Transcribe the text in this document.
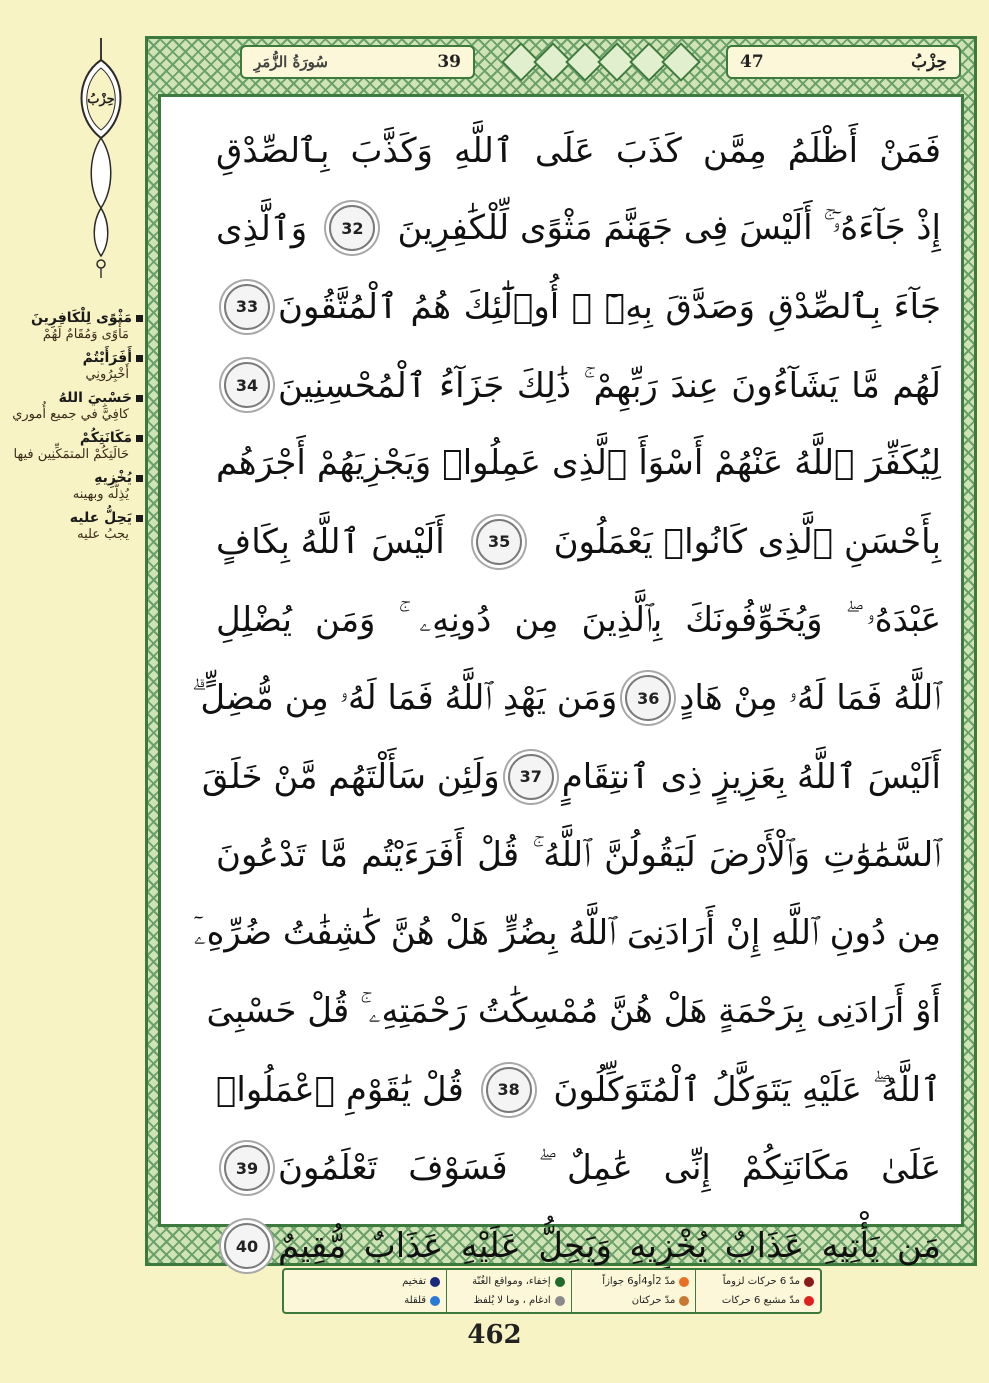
حِزْبُ
مَثْوًى لِلْكَافِرِينَ
مَأْوًى وَمُقَامٌ لَهُمْ
أَفَرَأَيْتُمْ
أَخْبِرُونِي
حَسْبِيَ اللهُ
كافِيَّ في جميع أُموري
مَكَانَتِكُمْ
حَالَتِكُمْ المتمَكِّنِين فيها
يُخْزِيهِ
يُذِلُّه وبهينه
يَحِلُّ عليه
يجبُ عليه
سُورَةُ الزُّمَرِ	39	47	حِزْبُ
فَمَنْ أَظْلَمُ مِمَّن كَذَبَ عَلَى ٱللَّهِ وَكَذَّبَ بِٱلصِّدْقِ
إِذْ جَآءَهُۥٓ ۚ أَلَيْسَ فِى جَهَنَّمَ مَثْوًى لِّلْكَٰفِرِينَ
32
وَٱلَّذِى
جَآءَ بِٱلصِّدْقِ وَصَدَّقَ بِهِۦٓ ۙ أُو۟لَٰٓئِكَ هُمُ ٱلْمُتَّقُونَ
33
لَهُم مَّا يَشَآءُونَ عِندَ رَبِّهِمْ ۚ ذَٰلِكَ جَزَآءُ ٱلْمُحْسِنِينَ
34
لِيُكَفِّرَ ٱللَّهُ عَنْهُمْ أَسْوَأَ ٱلَّذِى عَمِلُوا۟ وَيَجْزِيَهُمْ أَجْرَهُم
بِأَحْسَنِ ٱلَّذِى كَانُوا۟ يَعْمَلُونَ
35
أَلَيْسَ ٱللَّهُ بِكَافٍ
عَبْدَهُۥ ۖ وَيُخَوِّفُونَكَ بِٱلَّذِينَ مِن دُونِهِۦ ۚ وَمَن يُضْلِلِ
ٱللَّهُ فَمَا لَهُۥ مِنْ هَادٍ
36
وَمَن يَهْدِ ٱللَّهُ فَمَا لَهُۥ مِن مُّضِلٍّ ۗ
أَلَيْسَ ٱللَّهُ بِعَزِيزٍ ذِى ٱنتِقَامٍ
37
وَلَئِن سَأَلْتَهُم مَّنْ خَلَقَ
ٱلسَّمَٰوَٰتِ وَٱلْأَرْضَ لَيَقُولُنَّ ٱللَّهُ ۚ قُلْ أَفَرَءَيْتُم مَّا تَدْعُونَ
مِن دُونِ ٱللَّهِ إِنْ أَرَادَنِىَ ٱللَّهُ بِضُرٍّ هَلْ هُنَّ كَٰشِفَٰتُ ضُرِّهِۦٓ
أَوْ أَرَادَنِى بِرَحْمَةٍ هَلْ هُنَّ مُمْسِكَٰتُ رَحْمَتِهِۦ ۚ قُلْ حَسْبِىَ
ٱللَّهُ ۖ عَلَيْهِ يَتَوَكَّلُ ٱلْمُتَوَكِّلُونَ
38
قُلْ يَٰقَوْمِ ٱعْمَلُوا۟
عَلَىٰ مَكَانَتِكُمْ إِنِّى عَٰمِلٌ ۖ فَسَوْفَ تَعْلَمُونَ
39
مَن يَأْتِيهِ عَذَابٌ يُخْزِيهِ وَيَحِلُّ عَلَيْهِ عَذَابٌ مُّقِيمٌ
40
مدّ 6 حركات لزوماً
مدّ مشبع 6 حركات
مدّ 2أو4أو6 جوازاً
مدّ حركتان
إخفاء، ومواقع الغُنّة
ادغام ، وما لا يُلفظ
تفخيم
قلقلة
462
